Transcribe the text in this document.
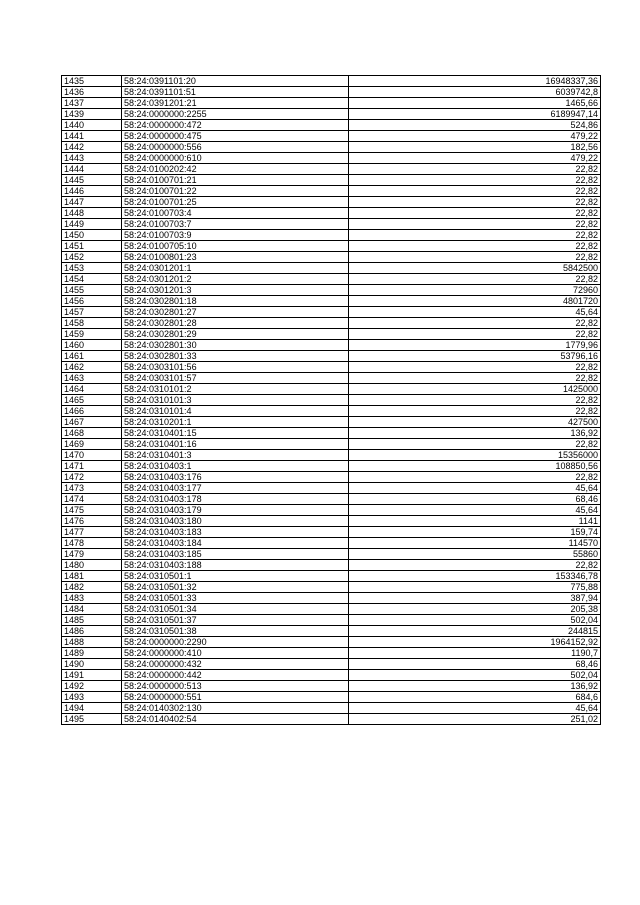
1435	58:24:0391101:20	16948337,36
1436	58:24:0391101:51	6039742,8
1437	58:24:0391201:21	1465,66
1439	58:24:0000000:2255	6189947,14
1440	58:24:0000000:472	524,86
1441	58:24:0000000:475	479,22
1442	58:24:0000000:556	182,56
1443	58:24:0000000:610	479,22
1444	58:24:0100202:42	22,82
1445	58:24:0100701:21	22,82
1446	58:24:0100701:22	22,82
1447	58:24:0100701:25	22,82
1448	58:24:0100703:4	22,82
1449	58:24:0100703:7	22,82
1450	58:24:0100703:9	22,82
1451	58:24:0100705:10	22,82
1452	58:24:0100801:23	22,82
1453	58:24:0301201:1	5842500
1454	58:24:0301201:2	22,82
1455	58:24:0301201:3	72960
1456	58:24:0302801:18	4801720
1457	58:24:0302801:27	45,64
1458	58:24:0302801:28	22,82
1459	58:24:0302801:29	22,82
1460	58:24:0302801:30	1779,96
1461	58:24:0302801:33	53796,16
1462	58:24:0303101:56	22,82
1463	58:24:0303101:57	22,82
1464	58:24:0310101:2	1425000
1465	58:24:0310101:3	22,82
1466	58:24:0310101:4	22,82
1467	58:24:0310201:1	427500
1468	58:24:0310401:15	136,92
1469	58:24:0310401:16	22,82
1470	58:24:0310401:3	15356000
1471	58:24:0310403:1	108850,56
1472	58:24:0310403:176	22,82
1473	58:24:0310403:177	45,64
1474	58:24:0310403:178	68,46
1475	58:24:0310403:179	45,64
1476	58:24:0310403:180	1141
1477	58:24:0310403:183	159,74
1478	58:24:0310403:184	114570
1479	58:24:0310403:185	55860
1480	58:24:0310403:188	22,82
1481	58:24:0310501:1	153346,78
1482	58:24:0310501:32	775,88
1483	58:24:0310501:33	387,94
1484	58:24:0310501:34	205,38
1485	58:24:0310501:37	502,04
1486	58:24:0310501:38	244815
1488	58:24:0000000:2290	1964152,92
1489	58:24:0000000:410	1190,7
1490	58:24:0000000:432	68,46
1491	58:24:0000000:442	502,04
1492	58:24:0000000:513	136,92
1493	58:24:0000000:551	684,6
1494	58:24:0140302:130	45,64
1495	58:24:0140402:54	251,02
